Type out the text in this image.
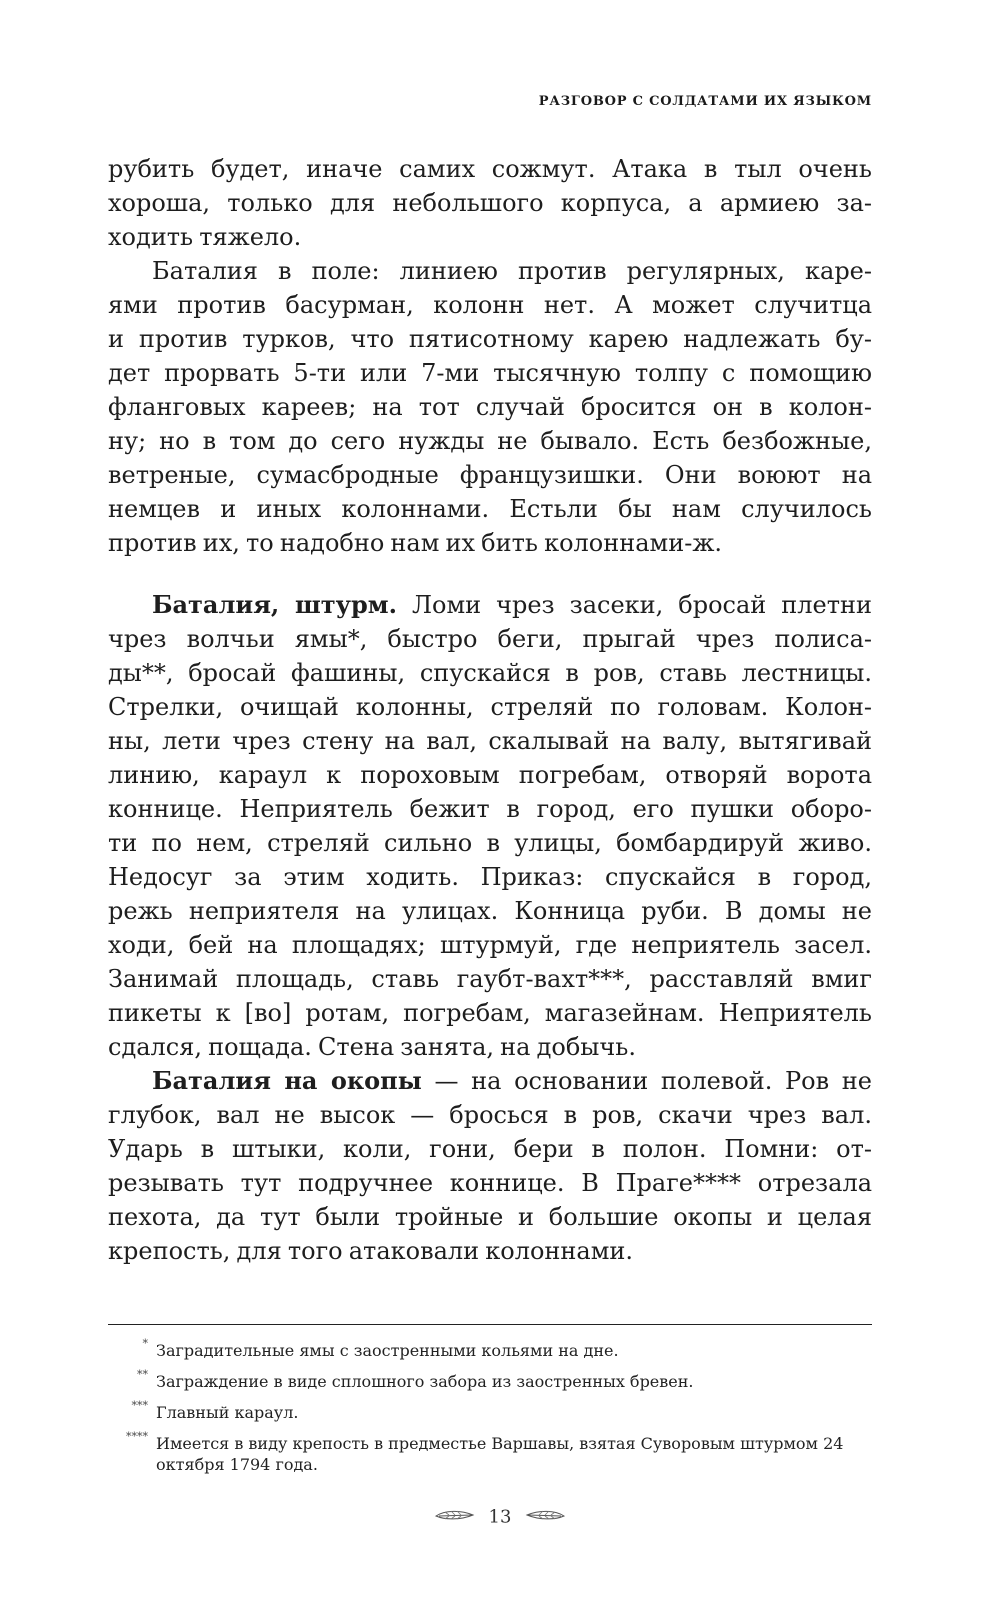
РАЗГОВОР С СОЛДАТАМИ ИХ ЯЗЫКОМ
рубить будет, иначе самих сожмут. Атака в тыл очень
хороша, только для небольшого корпуса, а армиею за-
ходить тяжело.
Баталия в поле: линиею против регулярных, каре-
ями против басурман, колонн нет. А может случитца
и против турков, что пятисотному карею надлежать бу-
дет прорвать 5-ти или 7-ми тысячную толпу с помощию
фланговых кареев; на тот случай бросится он в колон-
ну; но в том до сего нужды не бывало. Есть безбожные,
ветреные, сумасбродные французишки. Они воюют на
немцев и иных колоннами. Естьли бы нам случилось
против их, то надобно нам их бить колоннами-ж.
Баталия, штурм. Ломи чрез засеки, бросай плетни
чрез волчьи ямы*, быстро беги, прыгай чрез полиса-
ды**, бросай фашины, спускайся в ров, ставь лестницы.
Стрелки, очищай колонны, стреляй по головам. Колон-
ны, лети чрез стену на вал, скалывай на валу, вытягивай
линию, караул к пороховым погребам, отворяй ворота
коннице. Неприятель бежит в город, его пушки оборо-
ти по нем, стреляй сильно в улицы, бомбардируй живо.
Недосуг за этим ходить. Приказ: спускайся в город,
режь неприятеля на улицах. Конница руби. В домы не
ходи, бей на площадях; штурмуй, где неприятель засел.
Занимай площадь, ставь гаубт-вахт***, расставляй вмиг
пикеты к [во] ротам, погребам, магазейнам. Неприятель
сдался, пощада. Стена занята, на добычь.
Баталия на окопы — на основании полевой. Ров не
глубок, вал не высок — бросься в ров, скачи чрез вал.
Ударь в штыки, коли, гони, бери в полон. Помни: от-
резывать тут подручнее коннице. В Праге**** отрезала
пехота, да тут были тройные и большие окопы и целая
крепость, для того атаковали колоннами.
* Заградительные ямы с заостренными кольями на дне.
** Заграждение в виде сплошного забора из заостренных бревен.
*** Главный караул.
**** Имеется в виду крепость в предместье Варшавы, взятая Суворовым штурмом 24 октября 1794 года.
13
